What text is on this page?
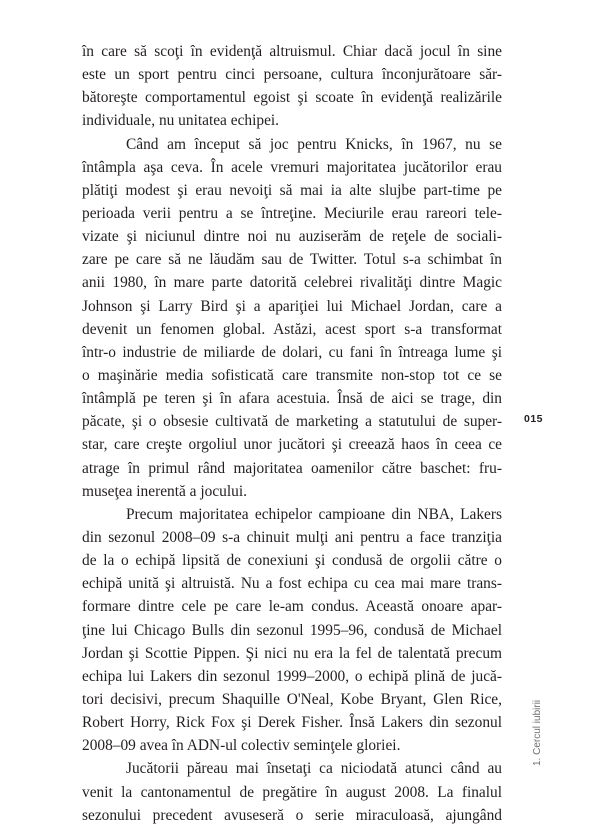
în care să scoţi în evidenţă altruismul. Chiar dacă jocul în sine
este un sport pentru cinci persoane, cultura înconjurătoare săr-
bătoreşte comportamentul egoist şi scoate în evidenţă realizările
individuale, nu unitatea echipei.
Când am început să joc pentru Knicks, în 1967, nu se
întâmpla aşa ceva. În acele vremuri majoritatea jucătorilor erau
plătiţi modest şi erau nevoiţi să mai ia alte slujbe part-time pe
perioada verii pentru a se întreţine. Meciurile erau rareori tele-
vizate şi niciunul dintre noi nu auziserăm de reţele de sociali-
zare pe care să ne lăudăm sau de Twitter. Totul s-a schimbat în
anii 1980, în mare parte datorită celebrei rivalităţi dintre Magic
Johnson şi Larry Bird şi a apariţiei lui Michael Jordan, care a
devenit un fenomen global. Astăzi, acest sport s-a transformat
într-o industrie de miliarde de dolari, cu fani în întreaga lume şi
o maşinărie media sofisticată care transmite non-stop tot ce se
întâmplă pe teren şi în afara acestuia. Însă de aici se trage, din
păcate, şi o obsesie cultivată de marketing a statutului de super-
star, care creşte orgoliul unor jucători şi creează haos în ceea ce
atrage în primul rând majoritatea oamenilor către baschet: fru-
museţea inerentă a jocului.
Precum majoritatea echipelor campioane din NBA, Lakers
din sezonul 2008–09 s-a chinuit mulţi ani pentru a face tranziţia
de la o echipă lipsită de conexiuni şi condusă de orgolii către o
echipă unită şi altruistă. Nu a fost echipa cu cea mai mare trans-
formare dintre cele pe care le-am condus. Această onoare apar-
ţine lui Chicago Bulls din sezonul 1995–96, condusă de Michael
Jordan şi Scottie Pippen. Şi nici nu era la fel de talentată precum
echipa lui Lakers din sezonul 1999–2000, o echipă plină de jucă-
tori decisivi, precum Shaquille O'Neal, Kobe Bryant, Glen Rice,
Robert Horry, Rick Fox şi Derek Fisher. Însă Lakers din sezonul
2008–09 avea în ADN-ul colectiv seminţele gloriei.
Jucătorii păreau mai însetaţi ca niciodată atunci când au
venit la cantonamentul de pregătire în august 2008. La finalul
sezonului precedent avuseseră o serie miraculoasă, ajungând
015
1. Cercul iubirii
